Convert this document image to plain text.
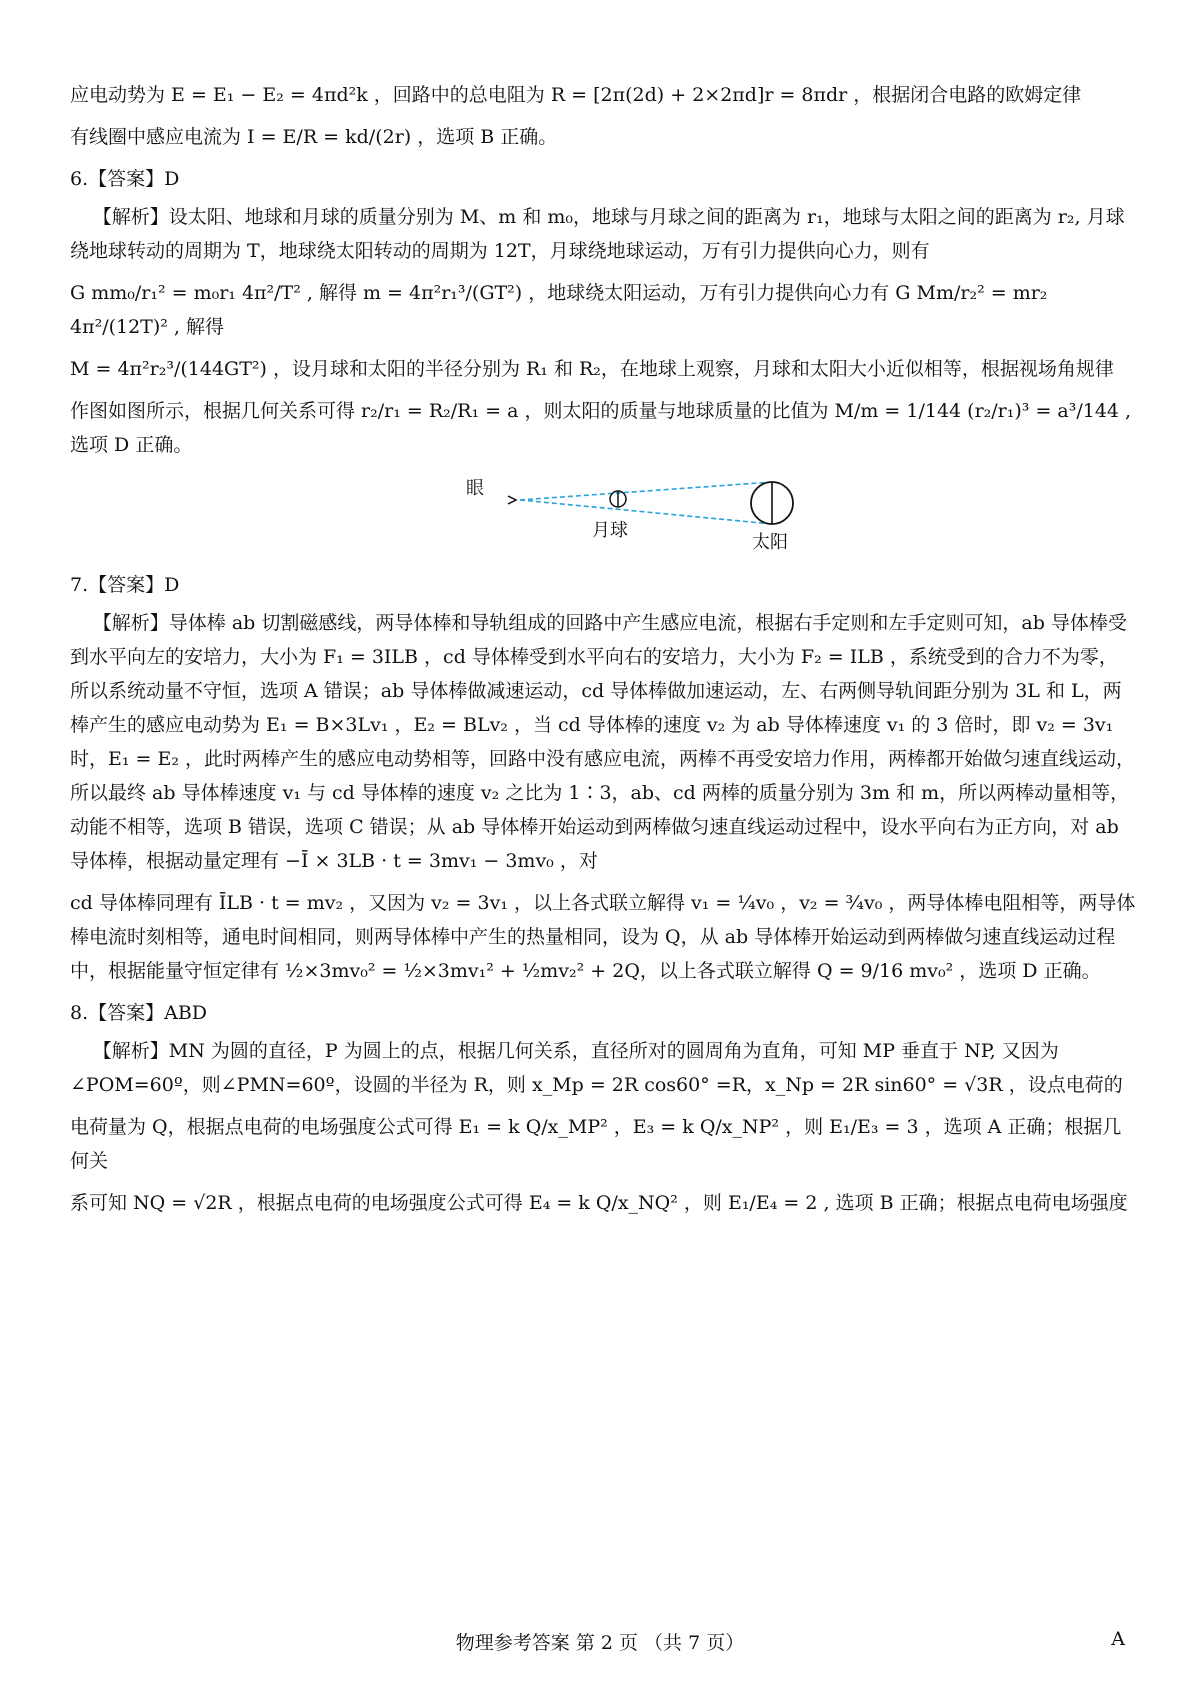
应电动势为 E = E₁ − E₂ = 4πd²k ，回路中的总电阻为 R = [2π(2d) + 2×2πd]r = 8πdr ，根据闭合电路的欧姆定律

有线圈中感应电流为 I = E/R = kd/(2r) ，选项 B 正确。

6.【答案】D

【解析】设太阳、地球和月球的质量分别为 M、m 和 m₀，地球与月球之间的距离为 r₁，地球与太阳之间的距离为 r₂, 月球绕地球转动的周期为 T，地球绕太阳转动的周期为 12T，月球绕地球运动，万有引力提供向心力，则有

G mm₀/r₁² = m₀r₁ 4π²/T² , 解得 m = 4π²r₁³/(GT²) ，地球绕太阳运动，万有引力提供向心力有 G Mm/r₂² = mr₂ 4π²/(12T)² , 解得

M = 4π²r₂³/(144GT²) ，设月球和太阳的半径分别为 R₁ 和 R₂，在地球上观察，月球和太阳大小近似相等，根据视场角规律

作图如图所示，根据几何关系可得 r₂/r₁ = R₂/R₁ = a ，则太阳的质量与地球质量的比值为 M/m = 1/144 (r₂/r₁)³ = a³/144 , 选项 D 正确。

眼
月球
太阳

7.【答案】D

【解析】导体棒 ab 切割磁感线，两导体棒和导轨组成的回路中产生感应电流，根据右手定则和左手定则可知，ab 导体棒受到水平向左的安培力，大小为 F₁ = 3ILB ，cd 导体棒受到水平向右的安培力，大小为 F₂ = ILB ，系统受到的合力不为零，所以系统动量不守恒，选项 A 错误；ab 导体棒做减速运动，cd 导体棒做加速运动，左、右两侧导轨间距分别为 3L 和 L，两棒产生的感应电动势为 E₁ = B×3Lv₁ ，E₂ = BLv₂ ，当 cd 导体棒的速度 v₂ 为 ab 导体棒速度 v₁ 的 3 倍时，即 v₂ = 3v₁ 时，E₁ = E₂ ，此时两棒产生的感应电动势相等，回路中没有感应电流，两棒不再受安培力作用，两棒都开始做匀速直线运动，所以最终 ab 导体棒速度 v₁ 与 cd 导体棒的速度 v₂ 之比为 1∶3，ab、cd 两棒的质量分别为 3m 和 m，所以两棒动量相等，动能不相等，选项 B 错误，选项 C 错误；从 ab 导体棒开始运动到两棒做匀速直线运动过程中，设水平向右为正方向，对 ab 导体棒，根据动量定理有 −Ī × 3LB · t = 3mv₁ − 3mv₀ ，对

cd 导体棒同理有 ĪLB · t = mv₂ ，又因为 v₂ = 3v₁ ，以上各式联立解得 v₁ = ¼v₀ ，v₂ = ¾v₀ ，两导体棒电阻相等，两导体棒电流时刻相等，通电时间相同，则两导体棒中产生的热量相同，设为 Q，从 ab 导体棒开始运动到两棒做匀速直线运动过程中，根据能量守恒定律有 ½×3mv₀² = ½×3mv₁² + ½mv₂² + 2Q，以上各式联立解得 Q = 9/16 mv₀² ，选项 D 正确。

8.【答案】ABD

【解析】MN 为圆的直径，P 为圆上的点，根据几何关系，直径所对的圆周角为直角，可知 MP 垂直于 NP, 又因为∠POM=60º，则∠PMN=60º，设圆的半径为 R，则 x_Mp = 2R cos60° =R，x_Np = 2R sin60° = √3R ，设点电荷的

电荷量为 Q，根据点电荷的电场强度公式可得 E₁ = k Q/x_MP² ，E₃ = k Q/x_NP² ，则 E₁/E₃ = 3 ，选项 A 正确；根据几何关

系可知 NQ = √2R ，根据点电荷的电场强度公式可得 E₄ = k Q/x_NQ² ，则 E₁/E₄ = 2 , 选项 B 正确；根据点电荷电场强度

物理参考答案 第 2 页 （共 7 页）	A
